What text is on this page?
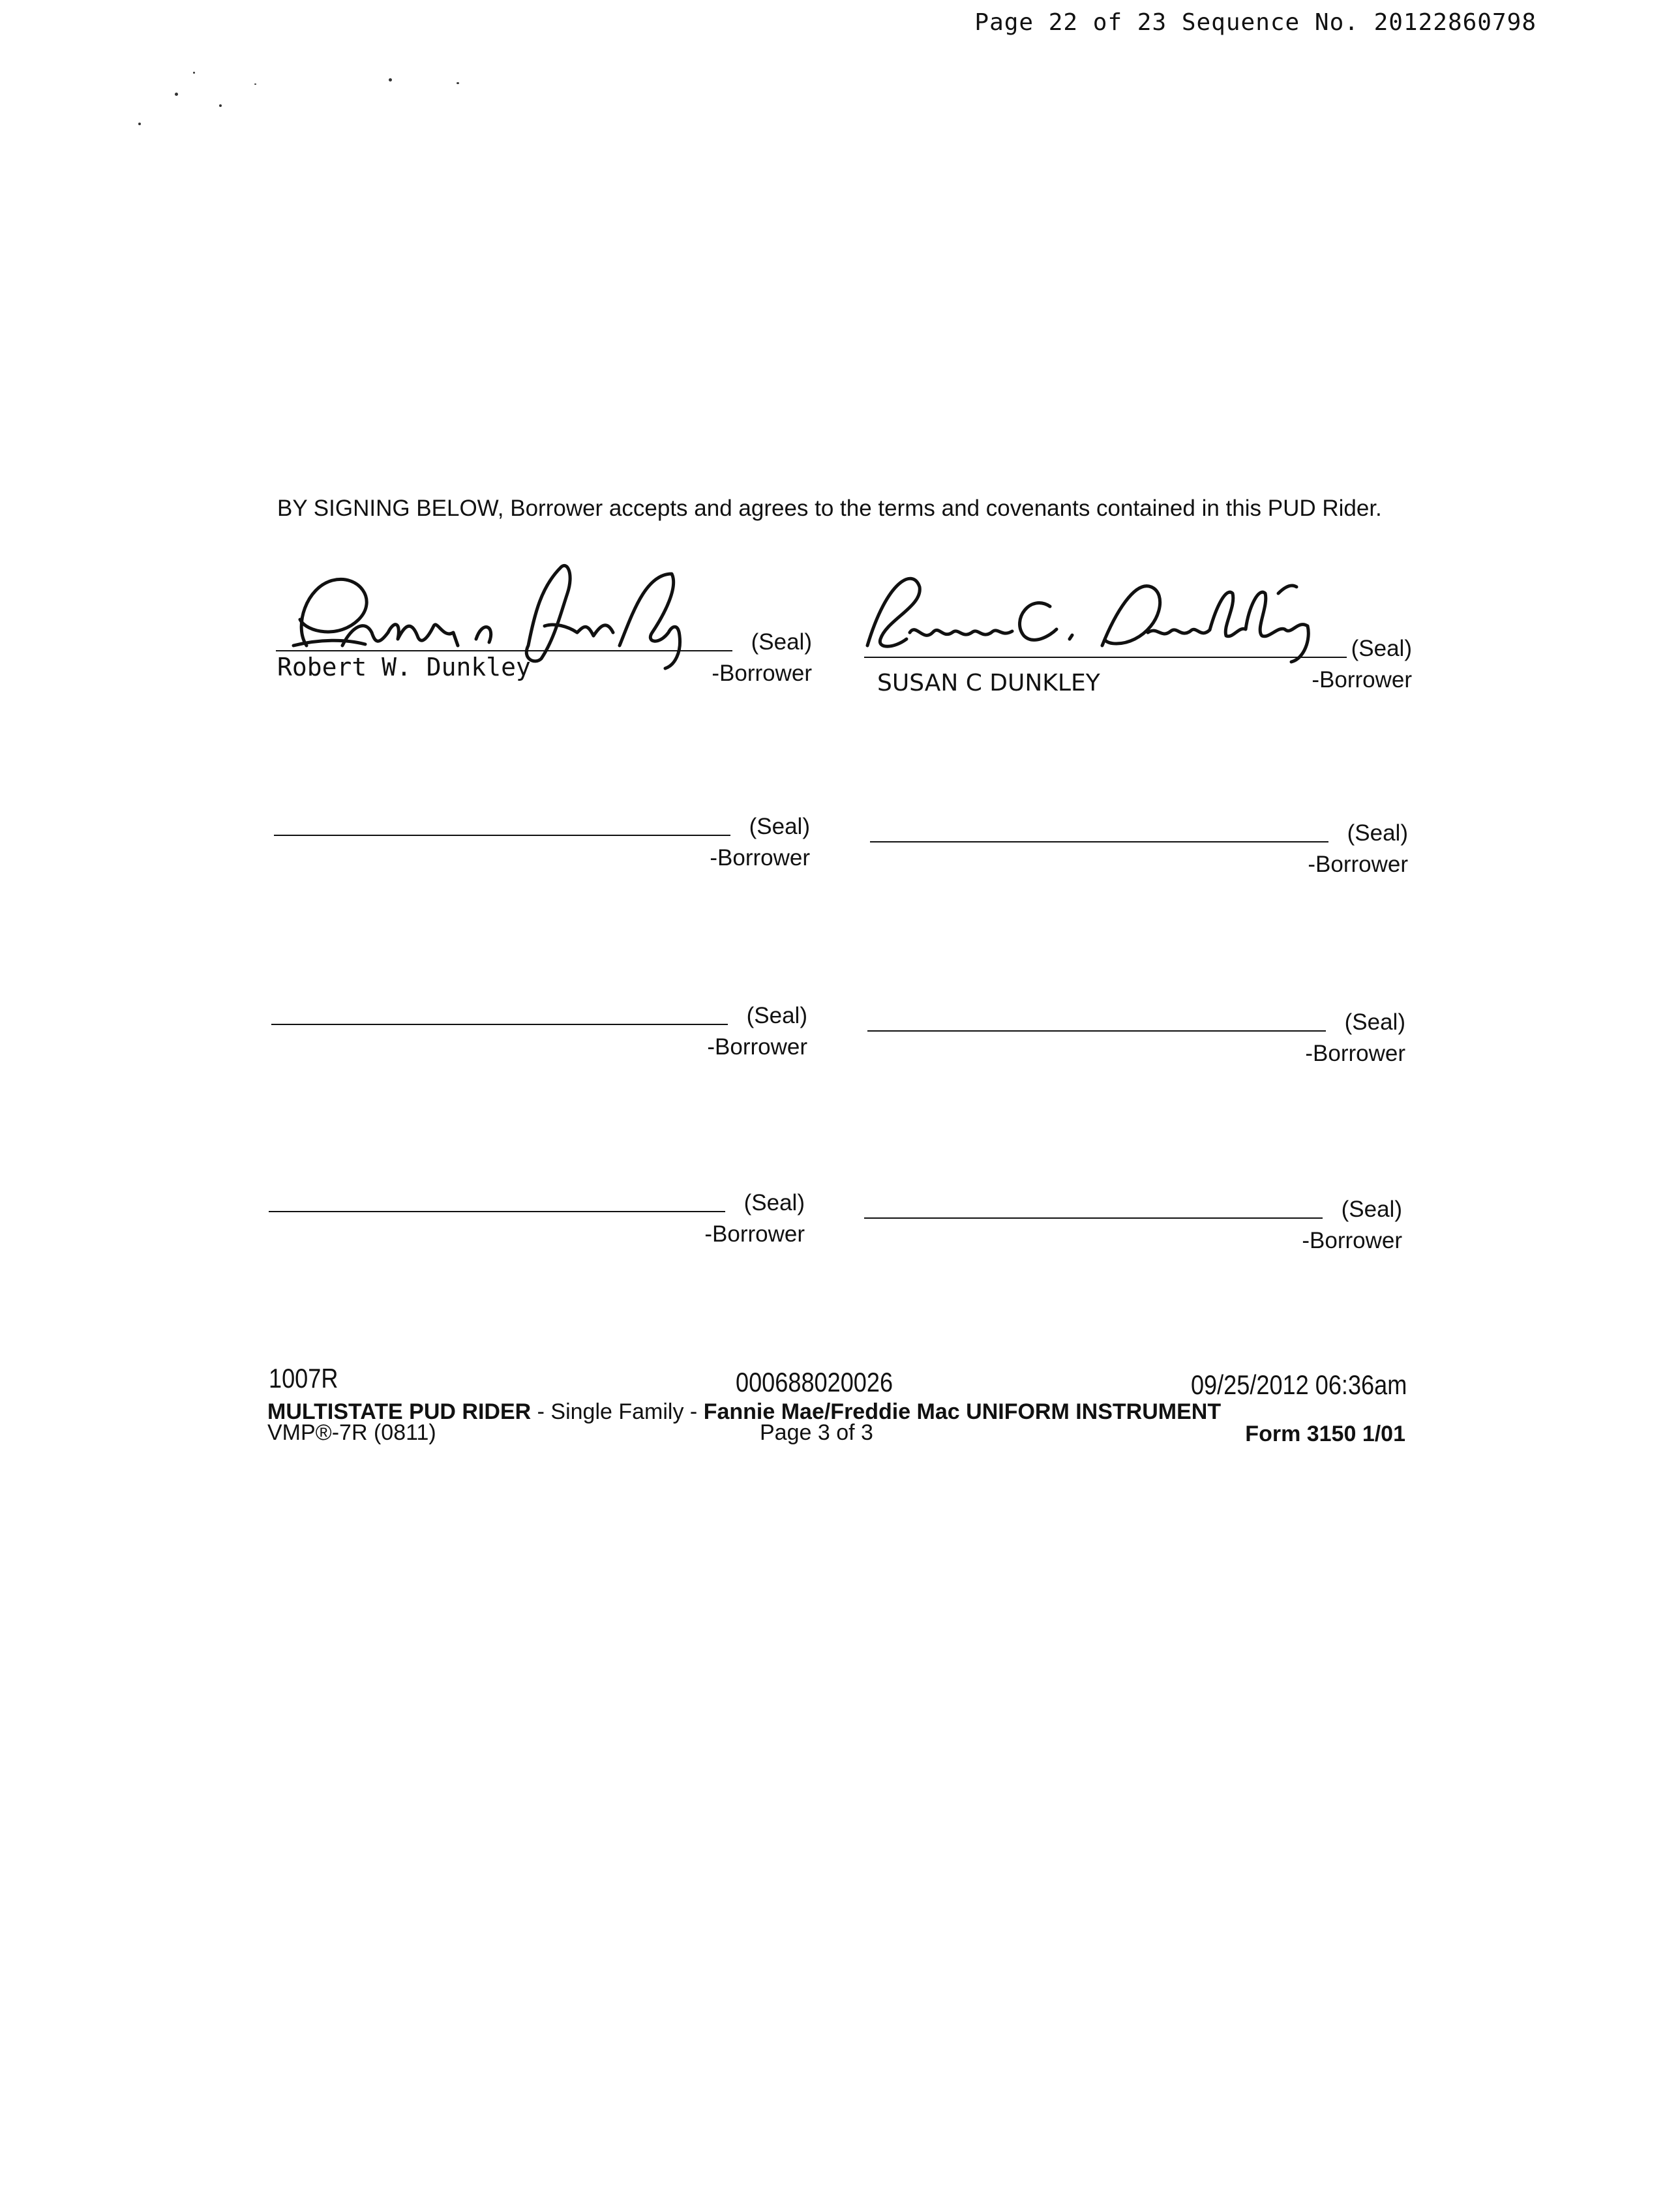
Page 22 of 23 Sequence No. 20122860798
BY SIGNING BELOW, Borrower accepts and agrees to the terms and covenants contained in this PUD Rider.
(Seal)
-Borrower
Robert W. Dunkley
(Seal)
-Borrower
SUSAN C DUNKLEY
(Seal)
-Borrower
(Seal)
-Borrower
(Seal)
-Borrower
(Seal)
-Borrower
(Seal)
-Borrower
(Seal)
-Borrower
1007R	000688020026	09/25/2012 06:36am
MULTISTATE PUD RIDER - Single Family - Fannie Mae/Freddie Mac UNIFORM INSTRUMENT
VMP®-7R (0811)	Page 3 of 3	Form 3150 1/01
